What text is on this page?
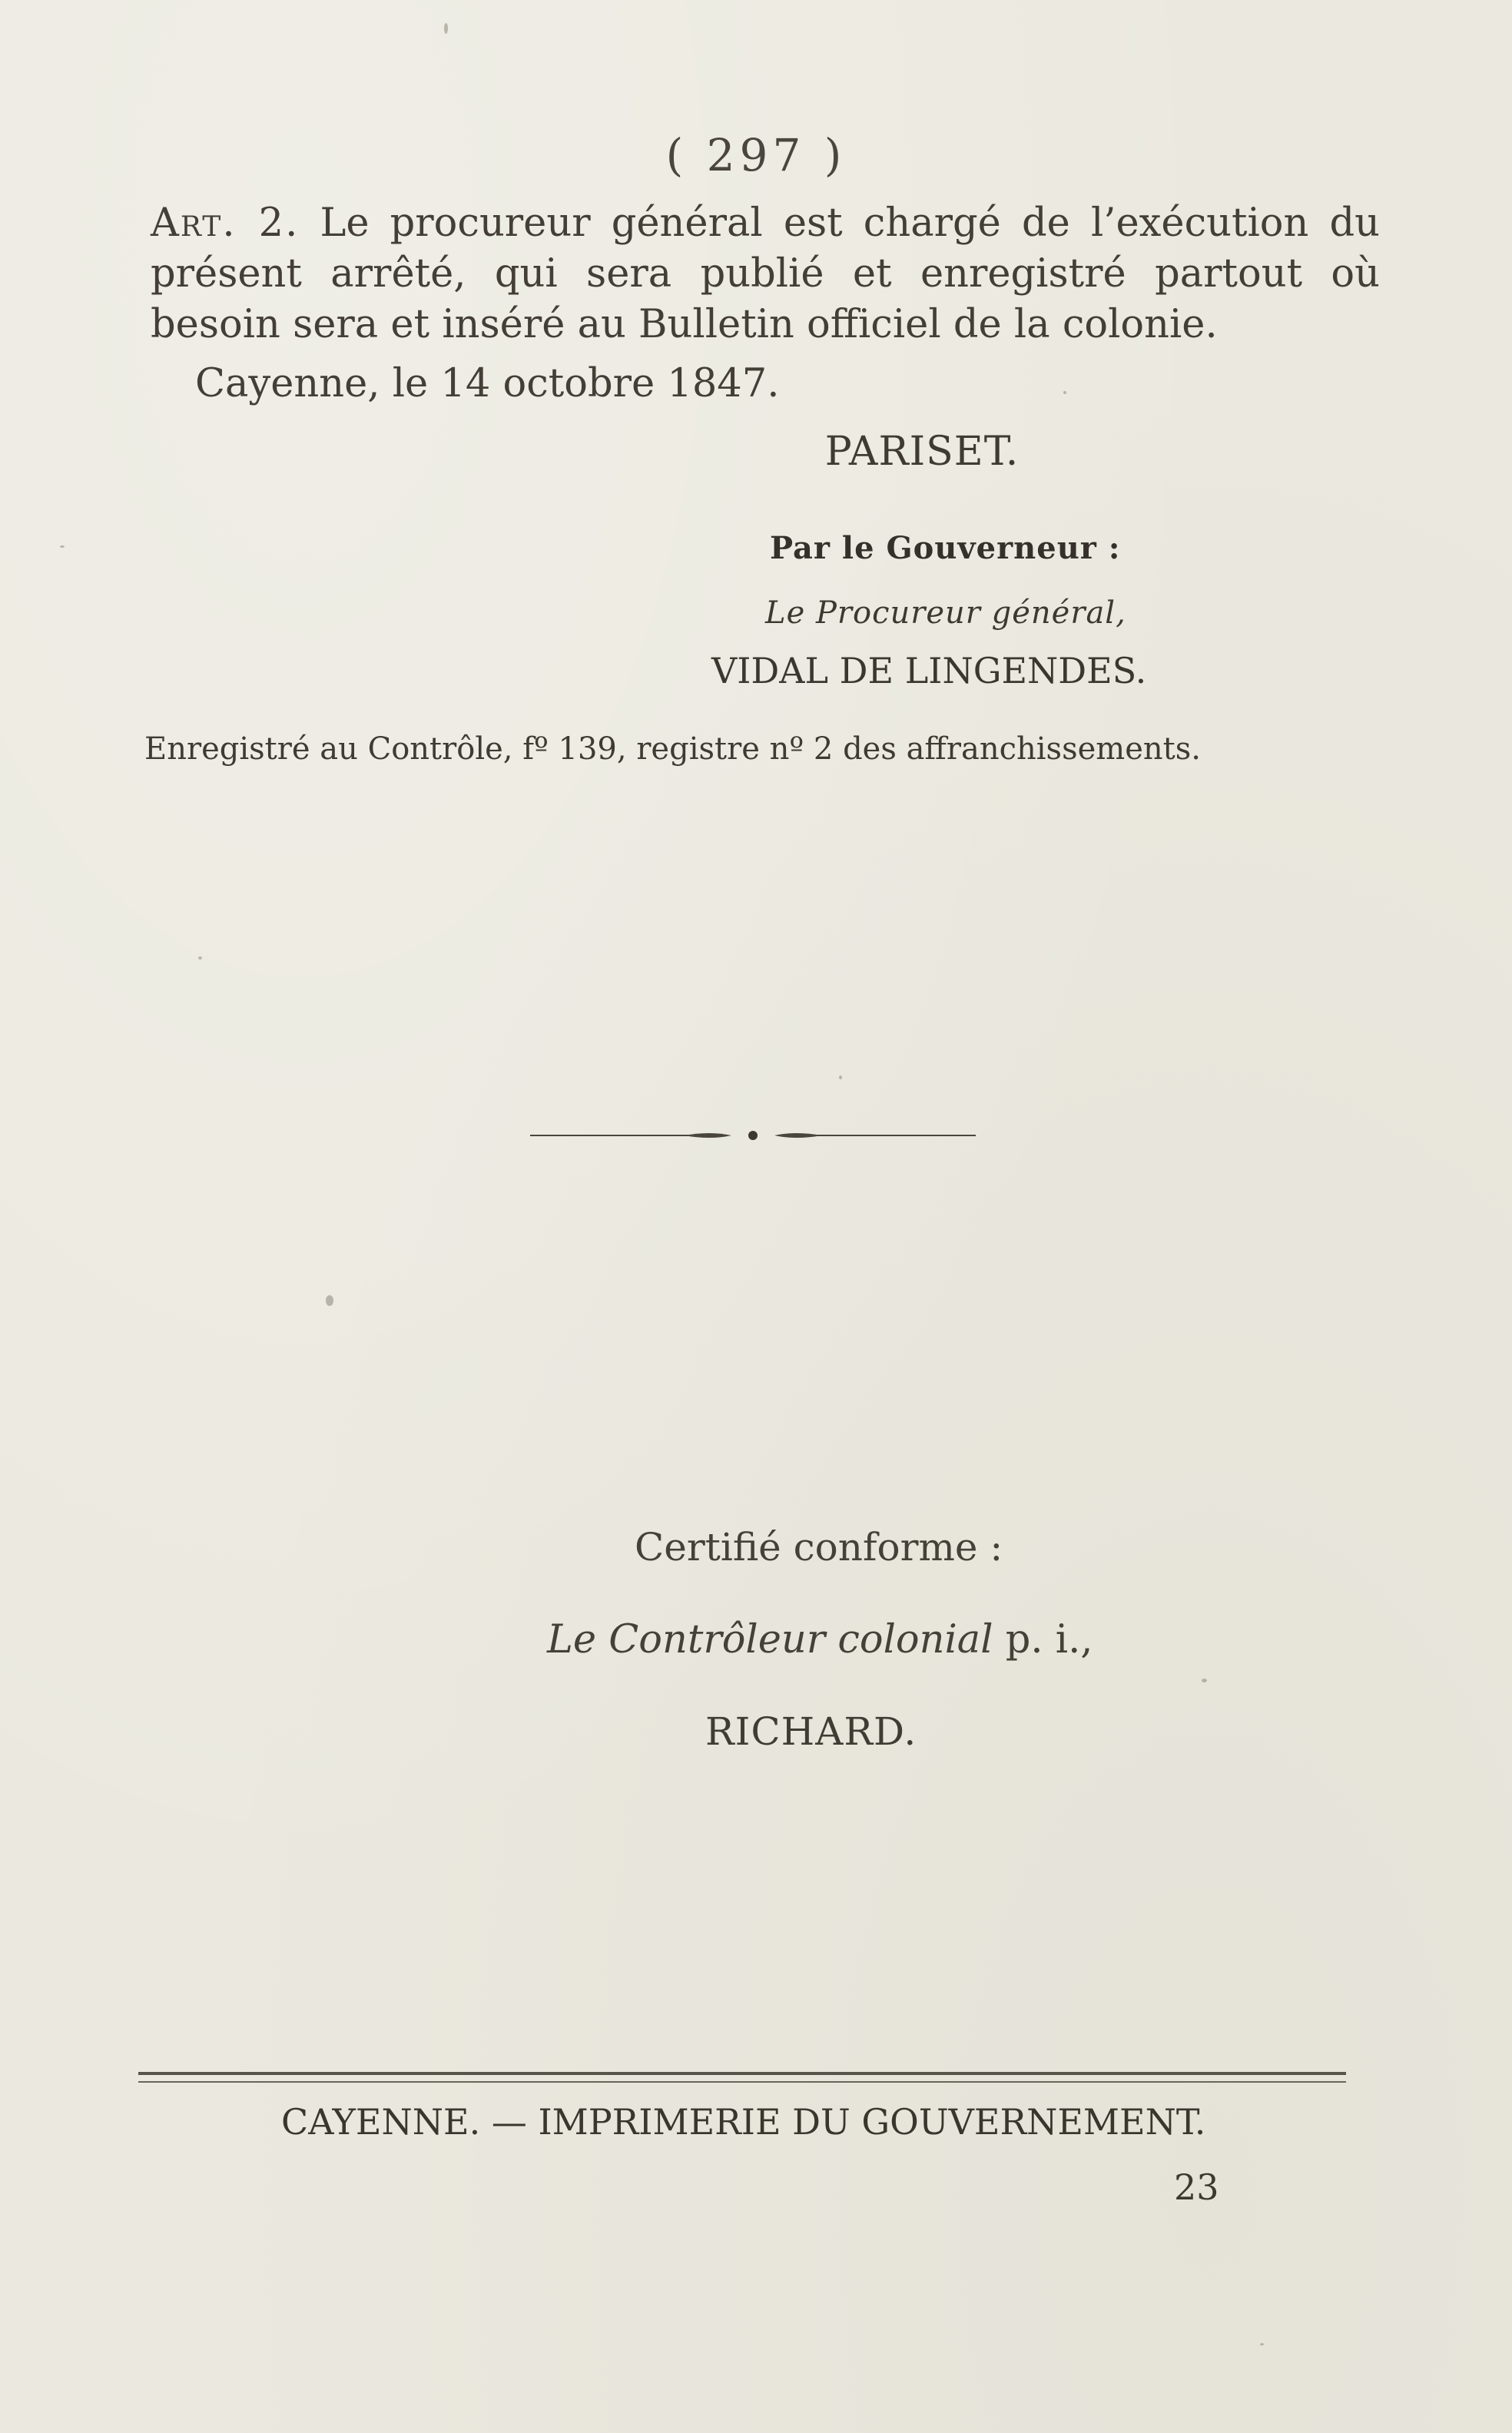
( 297 )
Art. 2. Le procureur général est chargé de l’exécution du présent arrêté, qui sera publié et enregistré partout où besoin sera et inséré au Bulletin officiel de la colonie.
Cayenne, le 14 octobre 1847.
PARISET.
Par le Gouverneur :
Le Procureur général,
VIDAL DE LINGENDES.
Enregistré au Contrôle, fº 139, registre nº 2 des affranchissements.
Certifié conforme :
Le Contrôleur colonial p. i.,
RICHARD.
CAYENNE. — IMPRIMERIE DU GOUVERNEMENT.
23
